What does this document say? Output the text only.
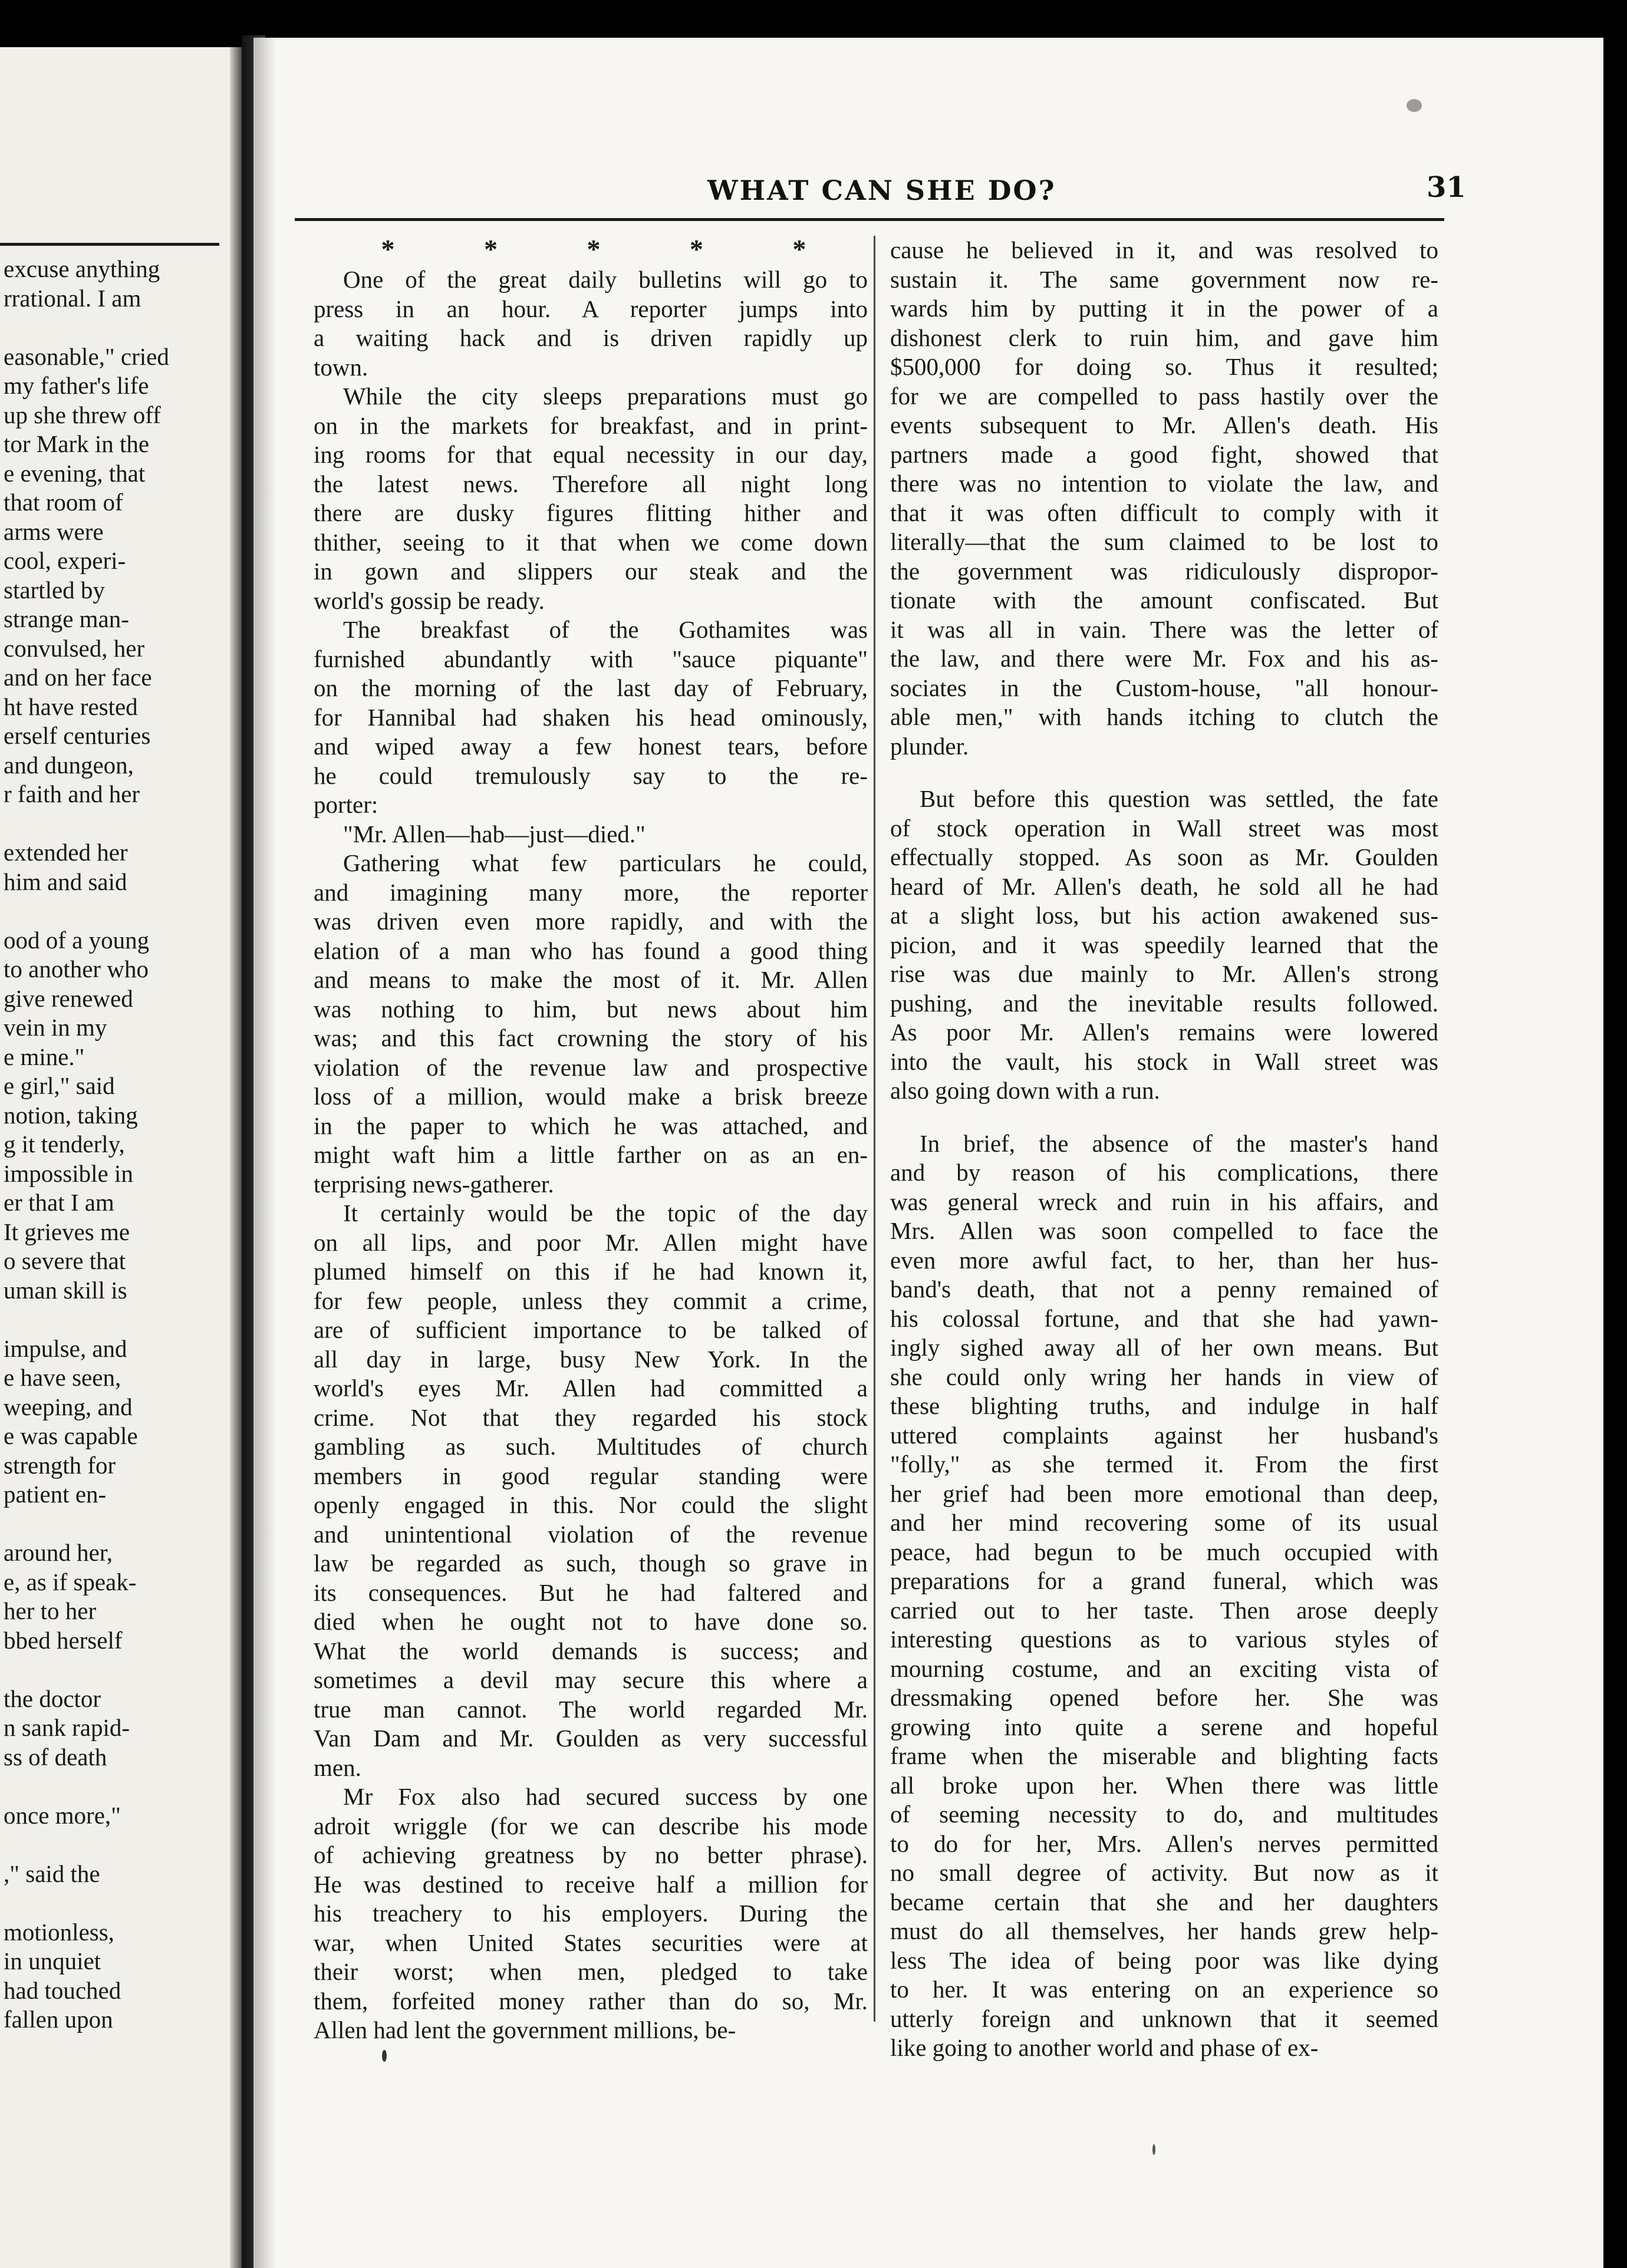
excuse anything

rrational. I am

easonable," cried

my father's life

up she threw off

tor Mark in the

e evening, that

that room of

arms were

cool, experi-

startled by

strange man-

convulsed, her

and on her face

ht have rested

erself centuries

and dungeon,

r faith and her

extended her

him and said

ood of a young

to another who

give renewed

vein in my

e mine."

e girl," said

notion, taking

g it tenderly,

impossible in

er that I am

It grieves me

o severe that

uman skill is

impulse, and

e have seen,

weeping, and

e was capable

strength for

patient en-

around her,

e, as if speak-

her to her

bbed herself

the doctor

n sank rapid-

ss of death

once more,"

," said the

motionless,

in unquiet

had touched

fallen upon

WHAT CAN SHE DO?	31
* * * * *

One of the great daily bulletins will go to

press in an hour. A reporter jumps into

a waiting hack and is driven rapidly up

town.

While the city sleeps preparations must go

on in the markets for breakfast, and in print-

ing rooms for that equal necessity in our day,

the latest news. Therefore all night long

there are dusky figures flitting hither and

thither, seeing to it that when we come down

in gown and slippers our steak and the

world's gossip be ready.

The breakfast of the Gothamites was

furnished abundantly with "sauce piquante"

on the morning of the last day of February,

for Hannibal had shaken his head ominously,

and wiped away a few honest tears, before

he could tremulously say to the re-

porter:

"Mr. Allen—hab—just—died."

Gathering what few particulars he could,

and imagining many more, the reporter

was driven even more rapidly, and with the

elation of a man who has found a good thing

and means to make the most of it. Mr. Allen

was nothing to him, but news about him

was; and this fact crowning the story of his

violation of the revenue law and prospective

loss of a million, would make a brisk breeze

in the paper to which he was attached, and

might waft him a little farther on as an en-

terprising news-gatherer.

It certainly would be the topic of the day

on all lips, and poor Mr. Allen might have

plumed himself on this if he had known it,

for few people, unless they commit a crime,

are of sufficient importance to be talked of

all day in large, busy New York. In the

world's eyes Mr. Allen had committed a

crime. Not that they regarded his stock

gambling as such. Multitudes of church

members in good regular standing were

openly engaged in this. Nor could the slight

and unintentional violation of the revenue

law be regarded as such, though so grave in

its consequences. But he had faltered and

died when he ought not to have done so.

What the world demands is success; and

sometimes a devil may secure this where a

true man cannot. The world regarded Mr.

Van Dam and Mr. Goulden as very successful

men.

Mr Fox also had secured success by one

adroit wriggle (for we can describe his mode

of achieving greatness by no better phrase).

He was destined to receive half a million for

his treachery to his employers. During the

war, when United States securities were at

their worst; when men, pledged to take

them, forfeited money rather than do so, Mr.

Allen had lent the government millions, be-

cause he believed in it, and was resolved to

sustain it. The same government now re-

wards him by putting it in the power of a

dishonest clerk to ruin him, and gave him

$500,000 for doing so. Thus it resulted;

for we are compelled to pass hastily over the

events subsequent to Mr. Allen's death. His

partners made a good fight, showed that

there was no intention to violate the law, and

that it was often difficult to comply with it

literally—that the sum claimed to be lost to

the government was ridiculously dispropor-

tionate with the amount confiscated. But

it was all in vain. There was the letter of

the law, and there were Mr. Fox and his as-

sociates in the Custom-house, "all honour-

able men," with hands itching to clutch the

plunder.

But before this question was settled, the fate

of stock operation in Wall street was most

effectually stopped. As soon as Mr. Goulden

heard of Mr. Allen's death, he sold all he had

at a slight loss, but his action awakened sus-

picion, and it was speedily learned that the

rise was due mainly to Mr. Allen's strong

pushing, and the inevitable results followed.

As poor Mr. Allen's remains were lowered

into the vault, his stock in Wall street was

also going down with a run.

In brief, the absence of the master's hand

and by reason of his complications, there

was general wreck and ruin in his affairs, and

Mrs. Allen was soon compelled to face the

even more awful fact, to her, than her hus-

band's death, that not a penny remained of

his colossal fortune, and that she had yawn-

ingly sighed away all of her own means. But

she could only wring her hands in view of

these blighting truths, and indulge in half

uttered complaints against her husband's

"folly," as she termed it. From the first

her grief had been more emotional than deep,

and her mind recovering some of its usual

peace, had begun to be much occupied with

preparations for a grand funeral, which was

carried out to her taste. Then arose deeply

interesting questions as to various styles of

mourning costume, and an exciting vista of

dressmaking opened before her. She was

growing into quite a serene and hopeful

frame when the miserable and blighting facts

all broke upon her. When there was little

of seeming necessity to do, and multitudes

to do for her, Mrs. Allen's nerves permitted

no small degree of activity. But now as it

became certain that she and her daughters

must do all themselves, her hands grew help-

less The idea of being poor was like dying

to her. It was entering on an experience so

utterly foreign and unknown that it seemed

like going to another world and phase of ex-
